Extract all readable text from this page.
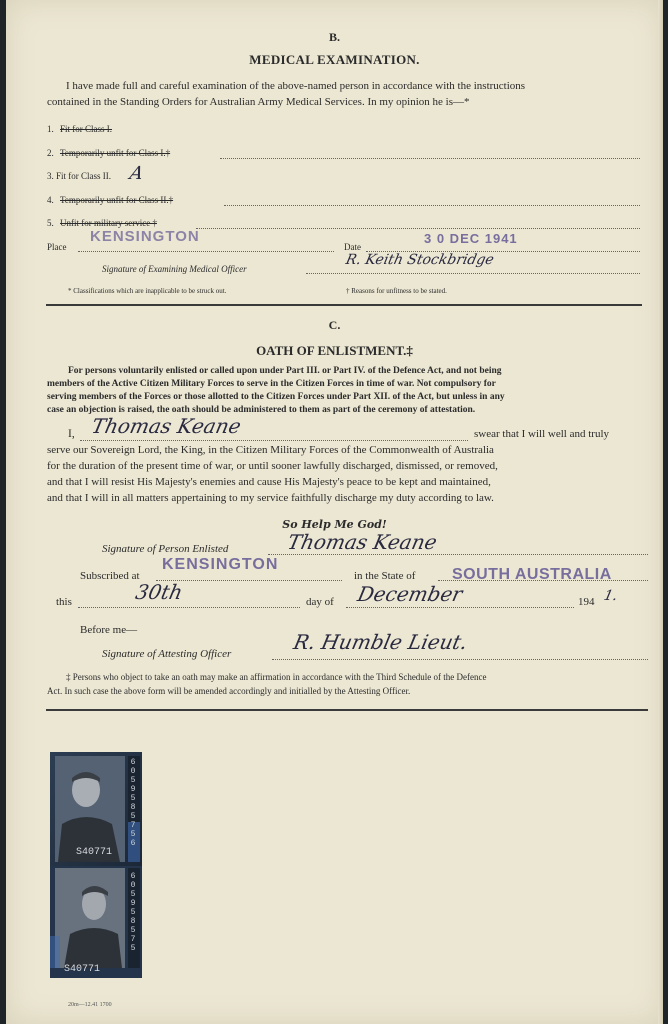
B.
MEDICAL EXAMINATION.
I have made full and careful examination of the above-named person in accordance with the instructions
contained in the Standing Orders for Australian Army Medical Services. In my opinion he is—*
1. Fit for Class I.
2. Temporarily unfit for Class I.†
3. Fit for Class II. A
4. Temporarily unfit for Class II.†
5. Unfit for military service †
Place
KENSINGTON
Date
3 0 DEC 1941
Signature of Examining Medical Officer
R. Keith Stockbridge
* Classifications which are inapplicable to be struck out.	† Reasons for unfitness to be stated.
C.
OATH OF ENLISTMENT.‡
For persons voluntarily enlisted or called upon under Part III. or Part IV. of the Defence Act, and not being
members of the Active Citizen Military Forces to serve in the Citizen Forces in time of war. Not compulsory for
serving members of the Forces or those allotted to the Citizen Forces under Part XII. of the Act, but unless in any
case an objection is raised, the oath should be administered to them as part of the ceremony of attestation.
I, Thomas Keane	swear that I will well and truly
serve our Sovereign Lord, the King, in the Citizen Military Forces of the Commonwealth of Australia
for the duration of the present time of war, or until sooner lawfully discharged, dismissed, or removed,
and that I will resist His Majesty's enemies and cause His Majesty's peace to be kept and maintained,
and that I will in all matters appertaining to my service faithfully discharge my duty according to law.
So Help Me God!
Signature of Person Enlisted	Thomas Keane
Subscribed at
KENSINGTON
in the State of SOUTH AUSTRALIA
this	30th	day of December	194 1.
Before me—
Signature of Attesting Officer	R. Humble Lieut.
‡ Persons who object to take an oath may make an affirmation in accordance with the Third Schedule of the Defence
Act. In such case the above form will be amended accordingly and initialled by the Attesting Officer.
6
0
5
9
5
8
5
7
5
6
S40771
6
0
5
9
5
8
5
7
5
S40771
20m—12.41 1700
